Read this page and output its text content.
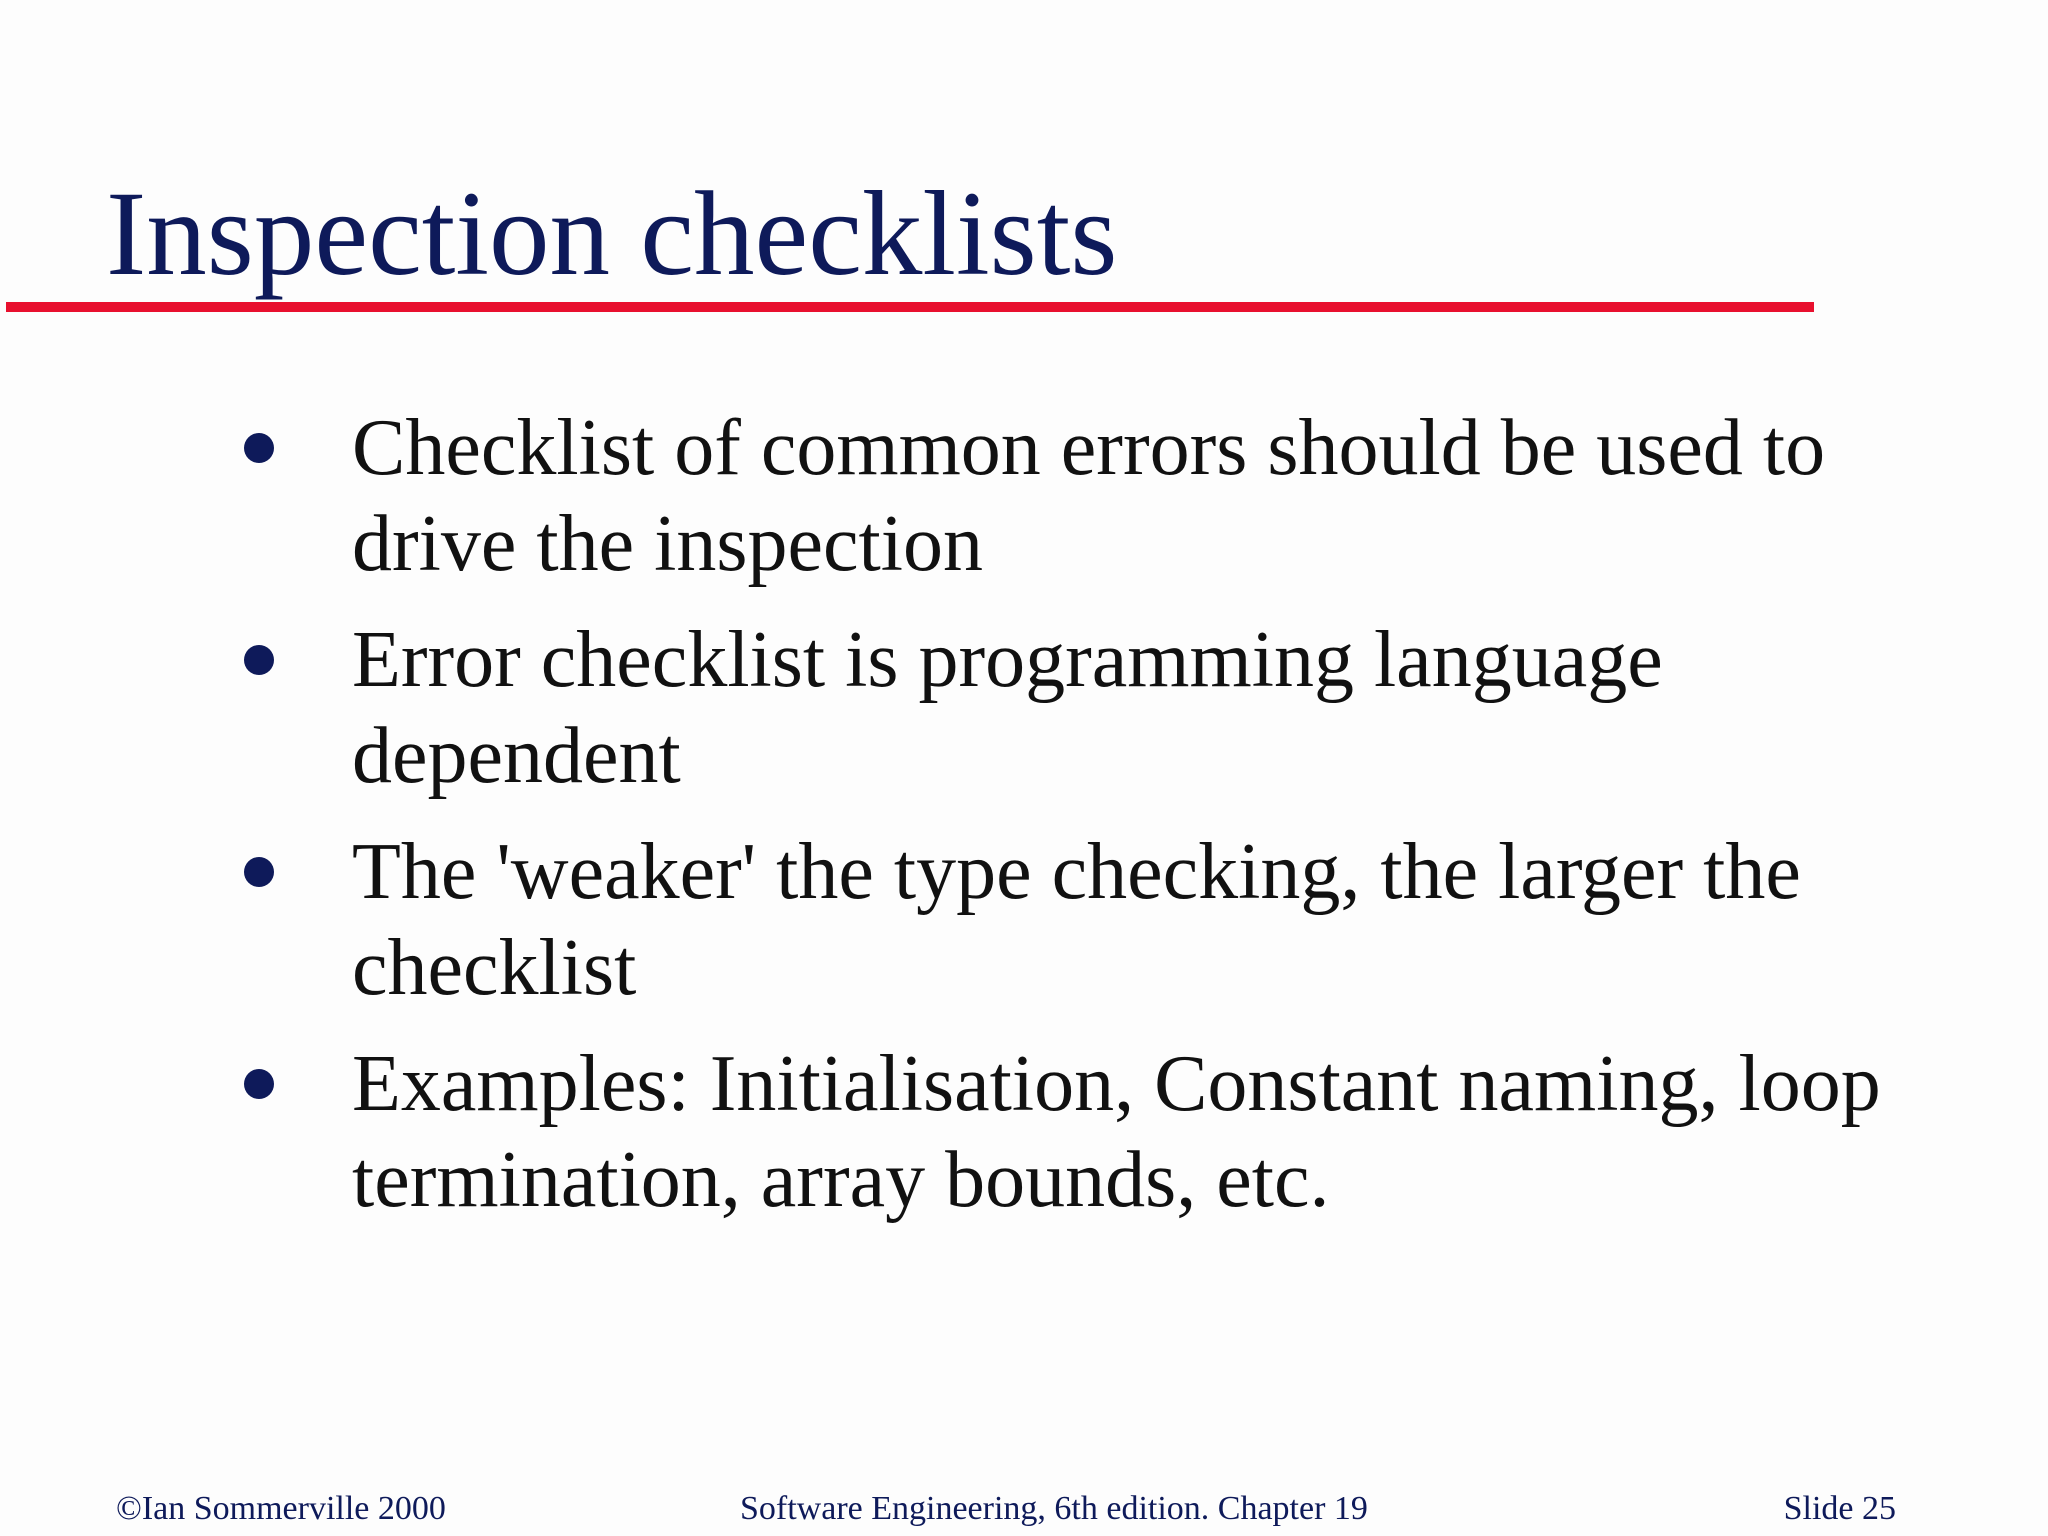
Inspection checklists
Checklist of common errors should be used to drive the inspection
Error checklist is programming language dependent
The 'weaker' the type checking, the larger the checklist
Examples: Initialisation, Constant naming, loop termination, array bounds, etc.
©Ian Sommerville 2000	Software Engineering, 6th edition. Chapter 19	Slide 25
